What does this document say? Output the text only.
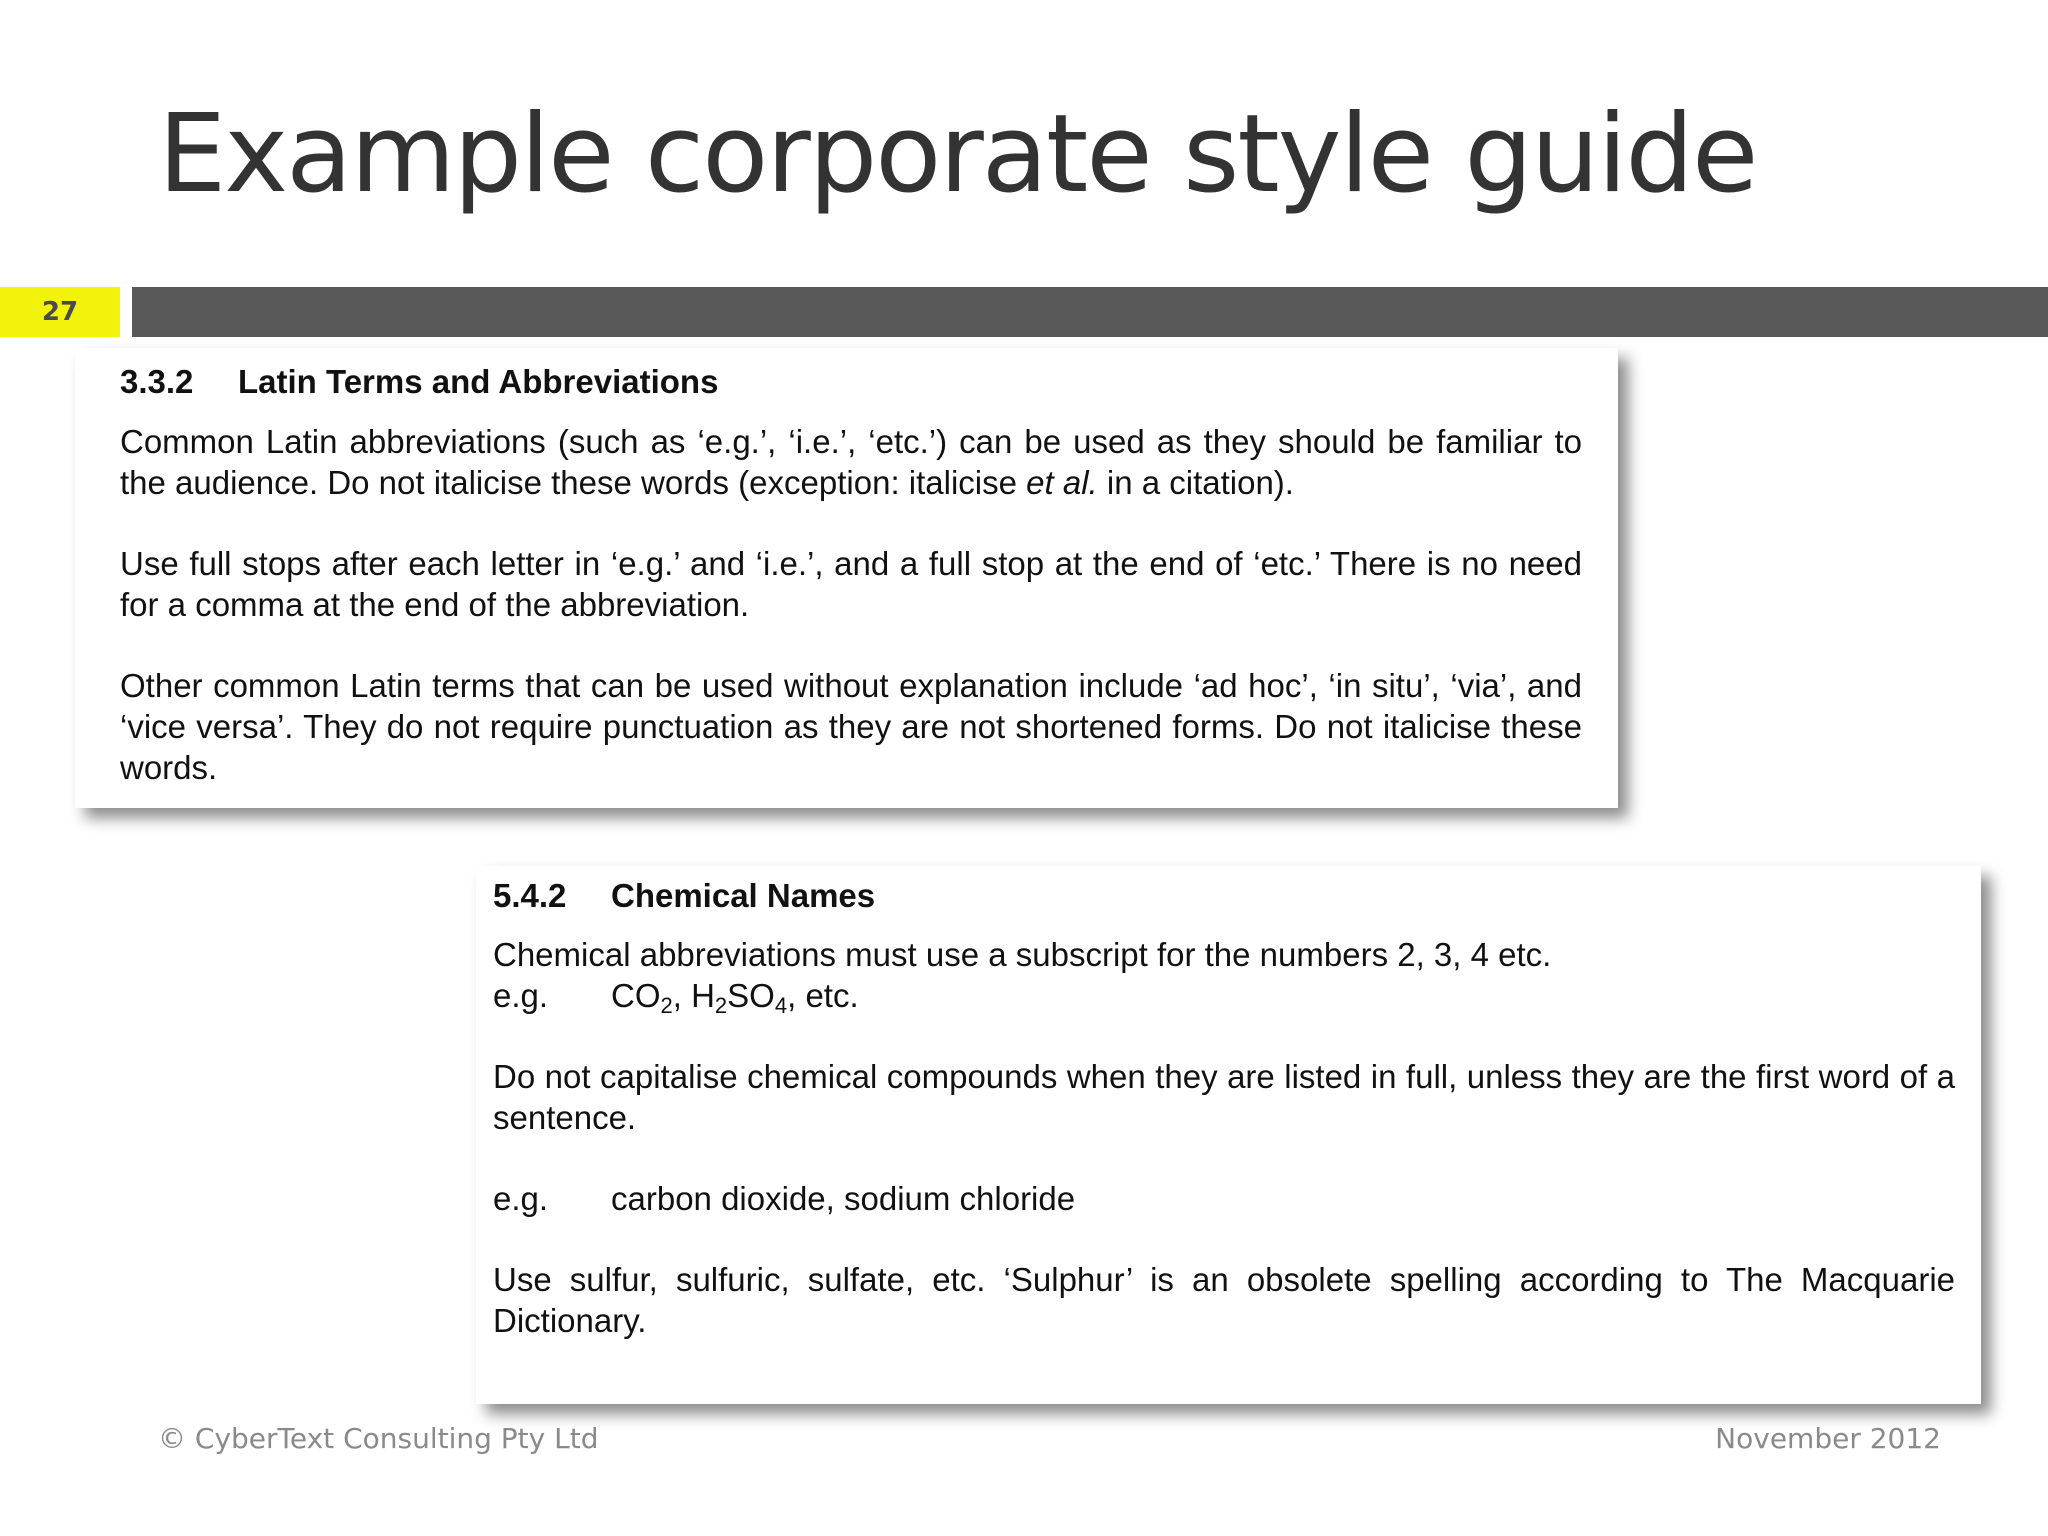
Example corporate style guide
27
3.3.2	Latin Terms and Abbreviations

Common Latin abbreviations (such as ‘e.g.’, ‘i.e.’, ‘etc.’) can be used as they should be familiar to the audience. Do not italicise these words (exception: italicise et al. in a citation).

Use full stops after each letter in ‘e.g.’ and ‘i.e.’, and a full stop at the end of ‘etc.’ There is no need for a comma at the end of the abbreviation.

Other common Latin terms that can be used without explanation include ‘ad hoc’, ‘in situ’, ‘via’, and ‘vice versa’. They do not require punctuation as they are not shortened forms. Do not italicise these words.

5.4.2	Chemical Names

Chemical abbreviations must use a subscript for the numbers 2, 3, 4 etc.

e.g.	$CO_2$, $H_2SO_4$, etc.

Do not capitalise chemical compounds when they are listed in full, unless they are the first word of a sentence.

e.g.	carbon dioxide, sodium chloride

Use sulfur, sulfuric, sulfate, etc. ‘Sulphur’ is an obsolete spelling according to The Macquarie Dictionary.

© CyberText Consulting Pty Ltd	November 2012
